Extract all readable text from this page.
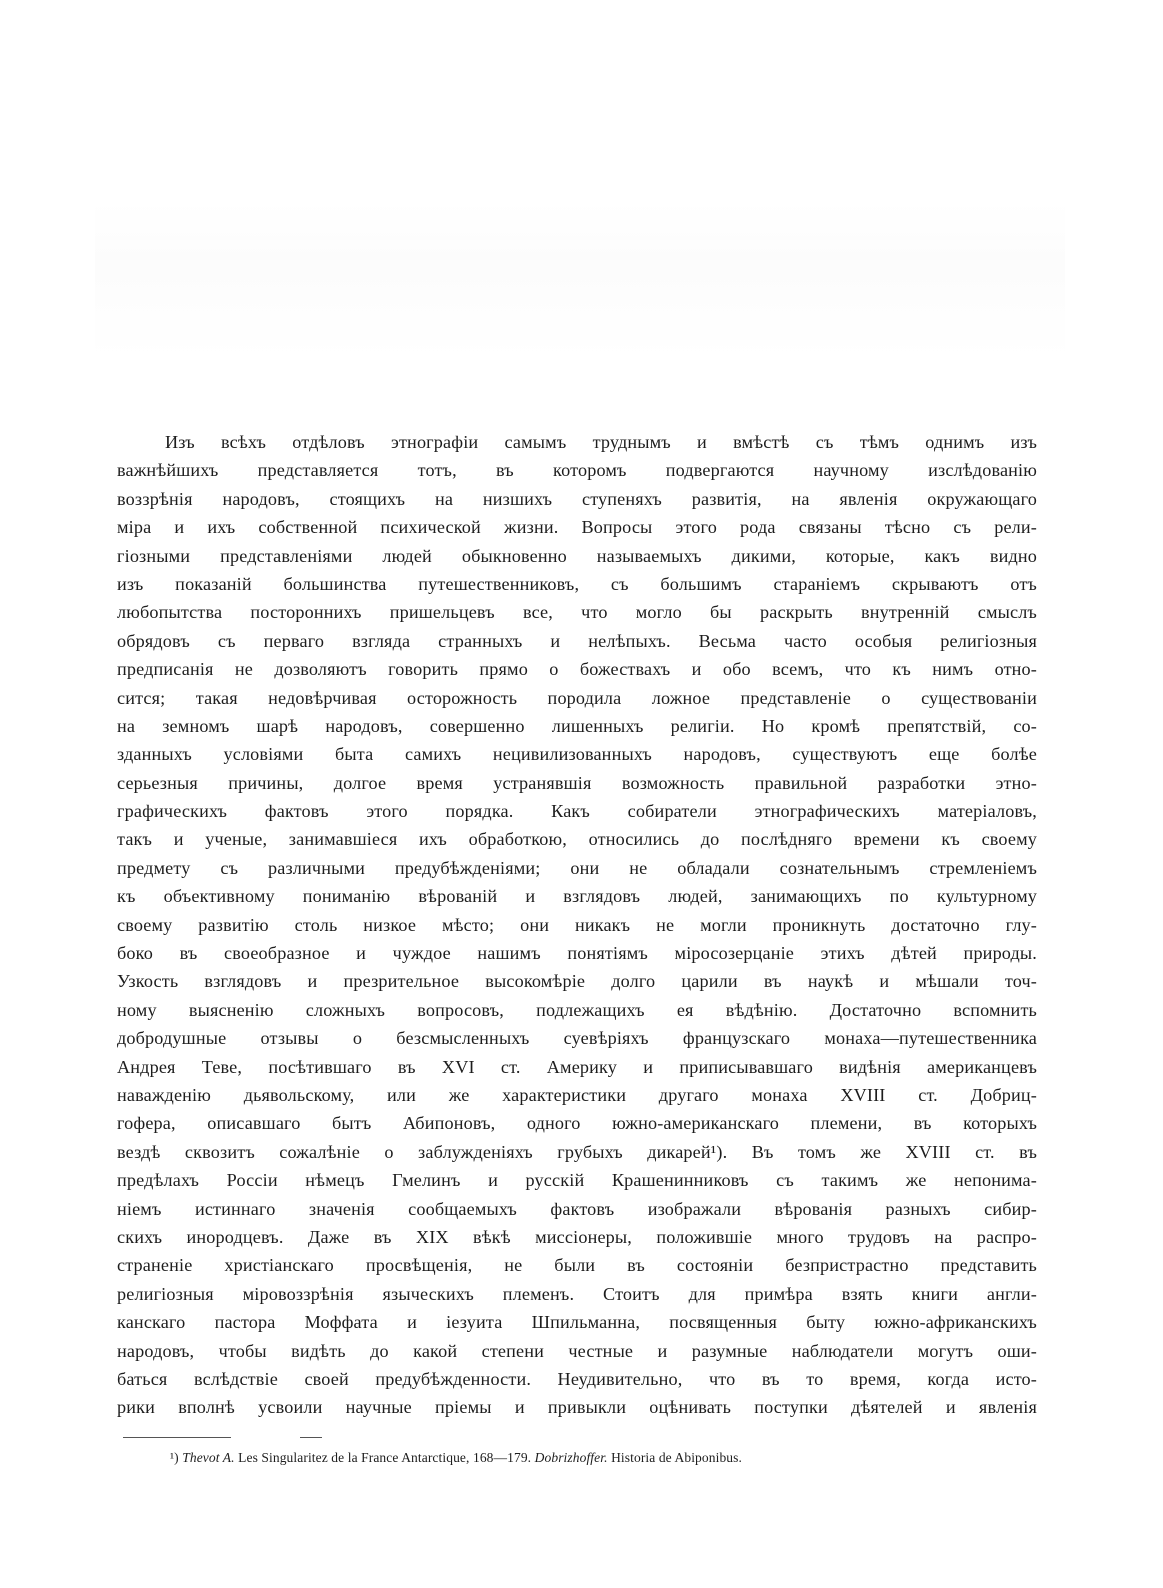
Изъ всѣхъ отдѣловъ этнографіи самымъ труднымъ и вмѣстѣ съ тѣмъ однимъ изъ
важнѣйшихъ представляется тотъ, въ которомъ подвергаются научному изслѣдованію
воззрѣнія народовъ, стоящихъ на низшихъ ступеняхъ развитія, на явленія окружающаго
міра и ихъ собственной психической жизни. Вопросы этого рода связаны тѣсно съ рели-
гіозными представленіями людей обыкновенно называемыхъ дикими, которые, какъ видно
изъ показаній большинства путешественниковъ, съ большимъ стараніемъ скрываютъ отъ
любопытства постороннихъ пришельцевъ все, что могло бы раскрыть внутренній смыслъ
обрядовъ съ перваго взгляда странныхъ и нелѣпыхъ. Весьма часто особыя религіозныя
предписанія не дозволяютъ говорить прямо о божествахъ и обо всемъ, что къ нимъ отно-
сится; такая недовѣрчивая осторожность породила ложное представленіе о существованіи
на земномъ шарѣ народовъ, совершенно лишенныхъ религіи. Но кромѣ препятствій, со-
зданныхъ условіями быта самихъ нецивилизованныхъ народовъ, существуютъ еще болѣе
серьезныя причины, долгое время устранявшія возможность правильной разработки этно-
графическихъ фактовъ этого порядка. Какъ собиратели этнографическихъ матеріаловъ,
такъ и ученые, занимавшіеся ихъ обработкою, относились до послѣдняго времени къ своему
предмету съ различными предубѣжденіями; они не обладали сознательнымъ стремленіемъ
къ объективному пониманію вѣрованій и взглядовъ людей, занимающихъ по культурному
своему развитію столь низкое мѣсто; они никакъ не могли проникнуть достаточно глу-
боко въ своеобразное и чуждое нашимъ понятіямъ міросозерцаніе этихъ дѣтей природы.
Узкость взглядовъ и презрительное высокомѣріе долго царили въ наукѣ и мѣшали точ-
ному выясненію сложныхъ вопросовъ, подлежащихъ ея вѣдѣнію. Достаточно вспомнить
добродушные отзывы о безсмысленныхъ суевѣріяхъ французскаго монаха—путешественника
Андрея Теве, посѣтившаго въ XVI ст. Америку и приписывавшаго видѣнія американцевъ
наважденію дьявольскому, или же характеристики другаго монаха XVIII ст. Добриц-
гофера, описавшаго бытъ Абипоновъ, одного южно-американскаго племени, въ которыхъ
вездѣ сквозитъ сожалѣніе о заблужденіяхъ грубыхъ дикарей¹). Въ томъ же XVIII ст. въ
предѣлахъ Россіи нѣмецъ Гмелинъ и русскій Крашенинниковъ съ такимъ же непонима-
ніемъ истиннаго значенія сообщаемыхъ фактовъ изображали вѣрованія разныхъ сибир-
скихъ инородцевъ. Даже въ XIX вѣкѣ миссіонеры, положившіе много трудовъ на распро-
страненіе христіанскаго просвѣщенія, не были въ состояніи безпристрастно представить
религіозныя міровоззрѣнія языческихъ племенъ. Стоитъ для примѣра взять книги англи-
канскаго пастора Моффата и іезуита Шпильманна, посвященныя быту южно-африканскихъ
народовъ, чтобы видѣть до какой степени честные и разумные наблюдатели могутъ оши-
баться вслѣдствіе своей предубѣжденности. Неудивительно, что въ то время, когда исто-
рики вполнѣ усвоили научные пріемы и привыкли оцѣнивать поступки дѣятелей и явленія
¹) Thevot A. Les Singularitez de la France Antarctique, 168—179. Dobrizhoffer. Historia de Abiponibus.
